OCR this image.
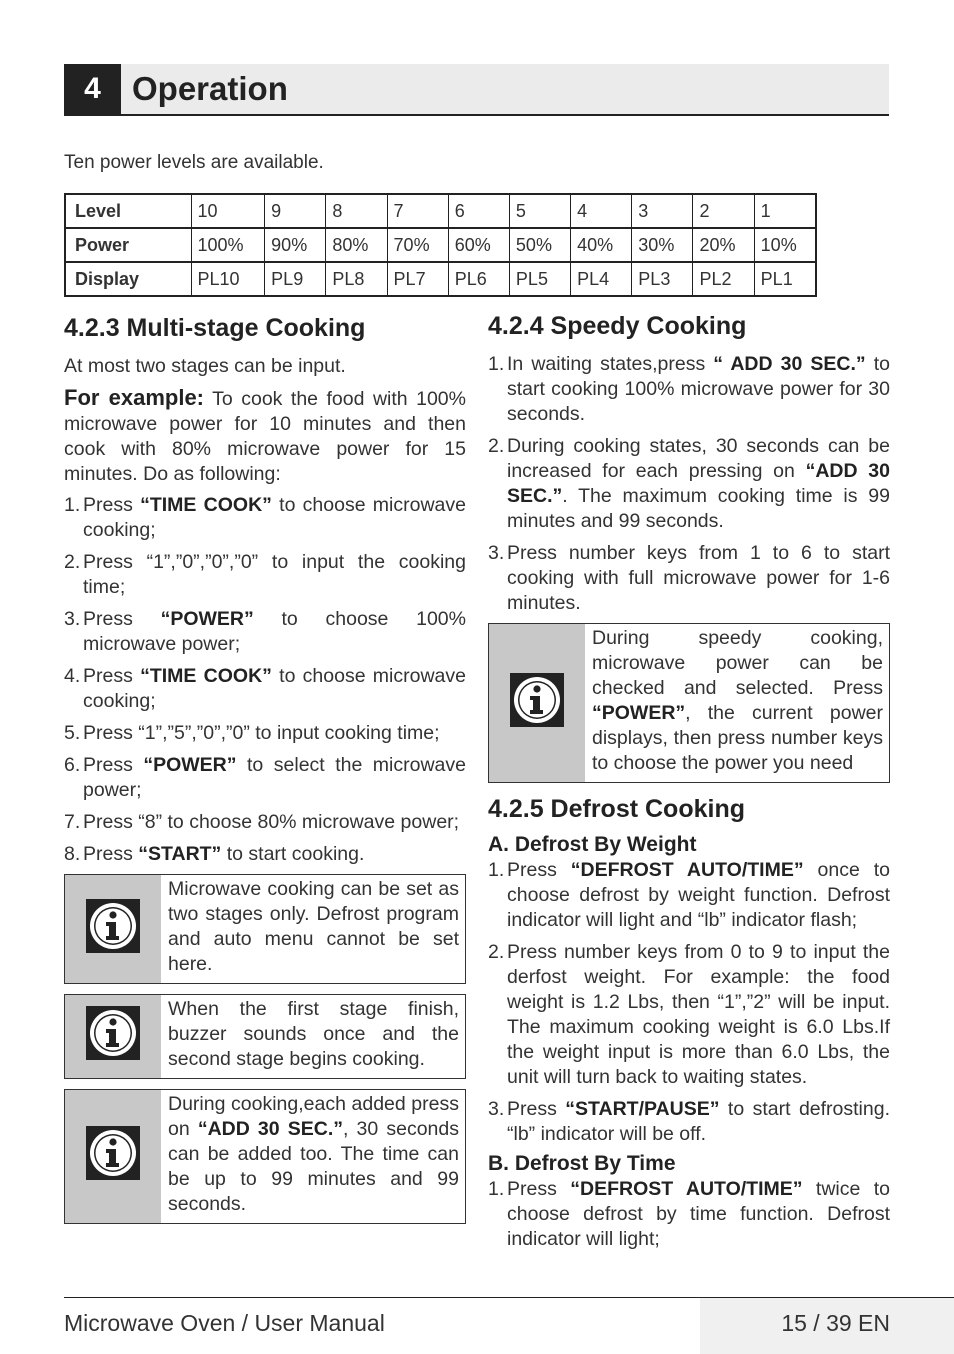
4 Operation
Ten power levels are available.
Level	10	9	8	7	6	5	4	3	2	1
Power	100%	90%	80%	70%	60%	50%	40%	30%	20%	10%
Display	PL10	PL9	PL8	PL7	PL6	PL5	PL4	PL3	PL2	PL1
4.2.3 Multi-stage Cooking

At most two stages can be input.

For example: To cook the food with 100% microwave power for 10 minutes and then cook with 80% microwave power for 15 minutes. Do as following:

1. Press “TIME COOK” to choose microwave cooking;
2. Press “1”,”0”,”0”,”0” to input the cooking time;
3. Press “POWER” to choose 100% microwave power;
4. Press “TIME COOK” to choose microwave cooking;
5. Press “1”,”5”,”0”,”0” to input cooking time;
6. Press “POWER” to select the microwave power;
7. Press “8” to choose 80% microwave power;
8. Press “START” to start cooking.
Microwave cooking can be set as two stages only. Defrost program and auto menu cannot be set here.
When the first stage finish, buzzer sounds once and the second stage begins cooking.
During cooking,each added press on “ADD 30 SEC.”, 30 seconds can be added too. The time can be up to 99 minutes and 99 seconds.
4.2.4 Speedy Cooking
1. In waiting states,press “ ADD 30 SEC.” to start cooking 100% microwave power for 30 seconds.
2. During cooking states, 30 seconds can be increased for each pressing on “ADD 30 SEC.”. The maximum cooking time is 99 minutes and 99 seconds.
3. Press number keys from 1 to 6 to start cooking with full microwave power for 1-6 minutes.
During speedy cooking, microwave power can be checked and selected. Press “POWER”, the current power displays, then press number keys to choose the power you need
4.2.5 Defrost Cooking
A. Defrost By Weight
1. Press “DEFROST AUTO/TIME” once to choose defrost by weight function. Defrost indicator will light and “lb” indicator flash;
2. Press number keys from 0 to 9 to input the derfost weight. For example: the food weight is 1.2 Lbs, then “1”,”2” will be input. The maximum cooking weight is 6.0 Lbs.If the weight input is more than 6.0 Lbs, the unit will turn back to waiting states.
3. Press “START/PAUSE” to start defrosting. “lb” indicator will be off.
B. Defrost By Time
1. Press “DEFROST AUTO/TIME” twice to choose defrost by time function. Defrost indicator will light;
Microwave Oven / User Manual	15 / 39 EN
